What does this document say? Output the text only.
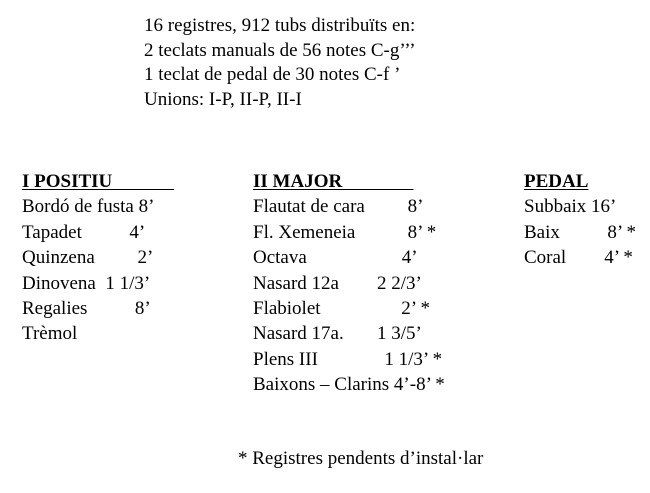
16 registres, 912 tubs distribuïts en:
2 teclats manuals de 56 notes C-g’’’
1 teclat de pedal de 30 notes C-f ’
Unions: I-P, II-P, II-I
I POSITIU
Bordó de fusta 8’
Tapadet          4’
Quinzena         2’
Dinovena  1 1/3’
Regalies          8’
Trèmol
II MAJOR
Flautat de cara         8’
Fl. Xemeneia           8’ *
Octava                    4’
Nasard 12a        2 2/3’
Flabiolet                 2’ *
Nasard 17a.       1 3/5’
Plens III              1 1/3’ *
Baixons – Clarins 4’-8’ *
PEDAL
Subbaix 16’
Baix          8’ *
Coral        4’ *
* Registres pendents d’instal·lar
